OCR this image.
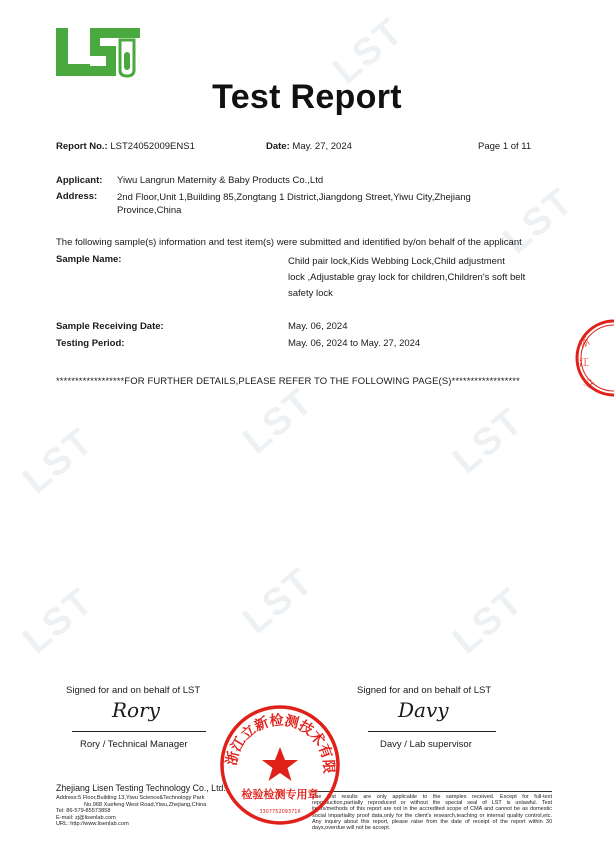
LST	LST	LST
LST	LST	LST
LST
LST
Test Report
Report No.: LST24052009ENS1	Date: May. 27, 2024	Page 1 of 11
Applicant: Yiwu Langrun Maternity & Baby Products Co.,Ltd
Address: 2nd Floor,Unit 1,Building 85,Zongtang 1 District,Jiangdong Street,Yiwu City,Zhejiang
Province,China
The following sample(s) information and test item(s) were submitted and identified by/on behalf of the applicant
Sample Name:	Child pair lock,Kids Webbing Lock,Child adjustment
lock ,Adjustable gray lock for children,Children's soft belt
safety lock
Sample Receiving Date:	May. 06, 2024
Testing Period:	May. 06, 2024 to May. 27, 2024
******************FOR FURTHER DETAILS,PLEASE REFER TO THE FOLLOWING PAGE(S)******************
浙
江
立
Signed for and on behalf of LST
Rory
Rory / Technical Manager
Signed for and on behalf of LST
Davy
Davy / Lab supervisor
Zhejiang Lisen Testing Technology Co., Ltd.
Address:5 Floor,Building 13,Yiwu Science&Technology Park
No.968 Xuefeng West Road,Yiwu,Zhejiang,China
Tel: 86-579-85573858
E-mail: zj@lisenlab.com
URL: http://www.lisenlab.com
The test results are only applicable to the samples received. Except for full-text reproduction,partially reproduced or without the special seal of LST is unlawful. Test items/methods of this report are not in the accredited scope of CMA and cannot be as domestic social impartiality proof data,only for the client's research,teaching or internal quality control,etc. Any inquiry about this report, please raise from the date of receipt of the report within 30 days,overdue will not be accept.
浙江立新检测技术有限
检验检测专用章
3307752093716
